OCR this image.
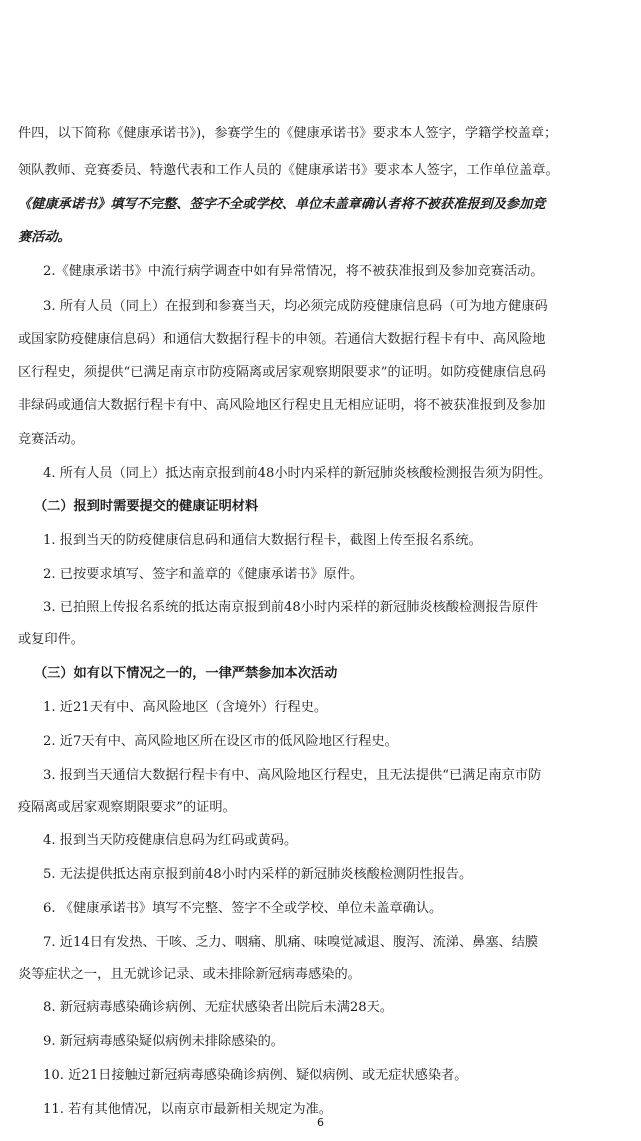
件四，以下简称《健康承诺书》)，参赛学生的《健康承诺书》要求本人签字，学籍学校盖章；
领队教师、竞赛委员、特邀代表和工作人员的《健康承诺书》要求本人签字，工作单位盖章。
《健康承诺书》填写不完整、签字不全或学校、单位未盖章确认者将不被获准报到及参加竞
赛活动。
2.《健康承诺书》中流行病学调查中如有异常情况，将不被获准报到及参加竞赛活动。
3. 所有人员（同上）在报到和参赛当天，均必须完成防疫健康信息码（可为地方健康码
或国家防疫健康信息码）和通信大数据行程卡的申领。若通信大数据行程卡有中、高风险地
区行程史，须提供“已满足南京市防疫隔离或居家观察期限要求”的证明。如防疫健康信息码
非绿码或通信大数据行程卡有中、高风险地区行程史且无相应证明，将不被获准报到及参加
竞赛活动。
4. 所有人员（同上）抵达南京报到前48小时内采样的新冠肺炎核酸检测报告须为阴性。
（二）报到时需要提交的健康证明材料
1. 报到当天的防疫健康信息码和通信大数据行程卡，截图上传至报名系统。
2. 已按要求填写、签字和盖章的《健康承诺书》原件。
3. 已拍照上传报名系统的抵达南京报到前48小时内采样的新冠肺炎核酸检测报告原件
或复印件。
（三）如有以下情况之一的，一律严禁参加本次活动
1. 近21天有中、高风险地区（含境外）行程史。
2. 近7天有中、高风险地区所在设区市的低风险地区行程史。
3. 报到当天通信大数据行程卡有中、高风险地区行程史，且无法提供“已满足南京市防
疫隔离或居家观察期限要求”的证明。
4. 报到当天防疫健康信息码为红码或黄码。
5. 无法提供抵达南京报到前48小时内采样的新冠肺炎核酸检测阴性报告。
6. 《健康承诺书》填写不完整、签字不全或学校、单位未盖章确认。
7. 近14日有发热、干咳、乏力、咽痛、肌痛、味嗅觉减退、腹泻、流涕、鼻塞、结膜
炎等症状之一，且无就诊记录、或未排除新冠病毒感染的。
8. 新冠病毒感染确诊病例、无症状感染者出院后未满28天。
9. 新冠病毒感染疑似病例未排除感染的。
10. 近21日接触过新冠病毒感染确诊病例、疑似病例、或无症状感染者。
11. 若有其他情况，以南京市最新相关规定为准。
6
